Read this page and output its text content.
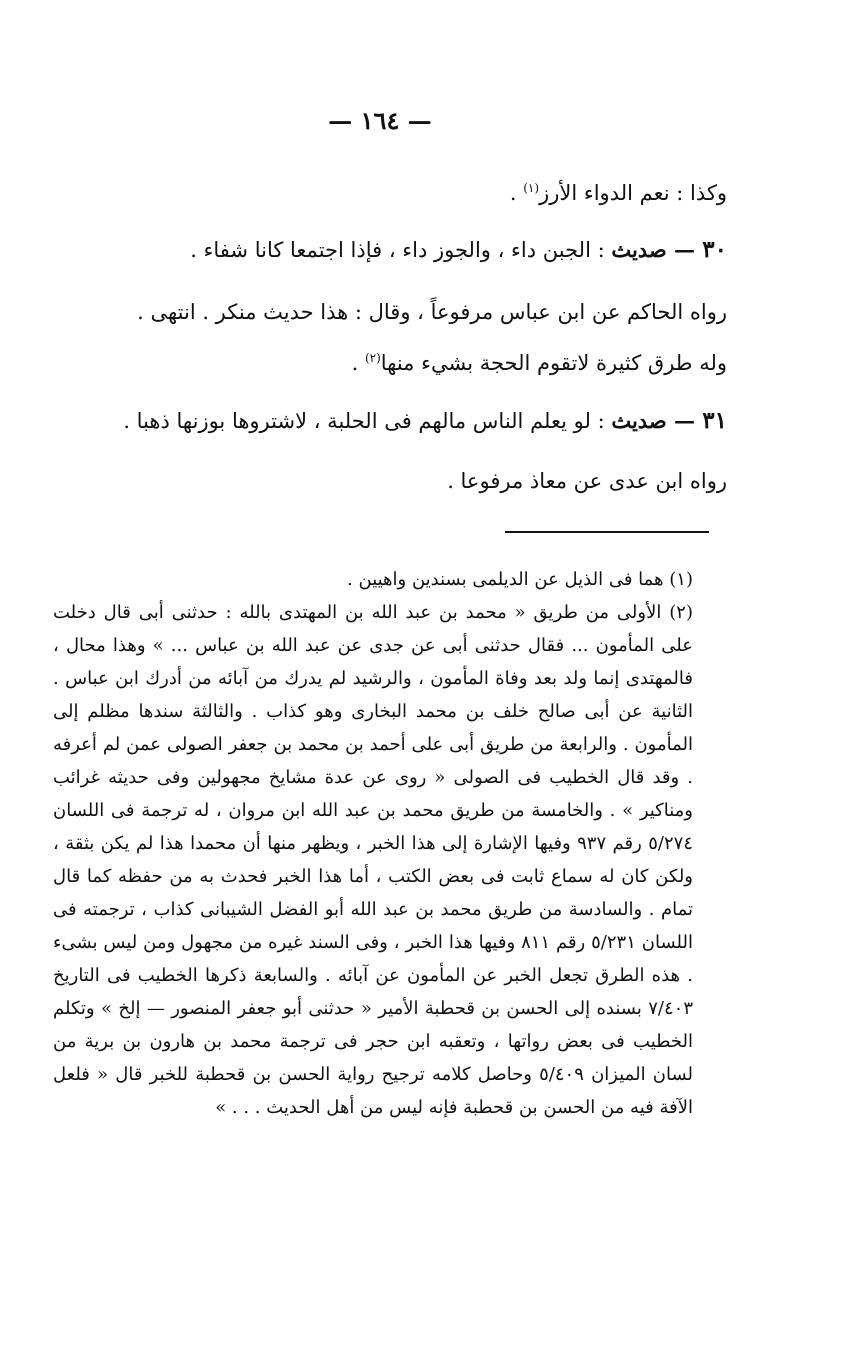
— ١٦٤ —

وكذا : نعم الدواء الأرز$^{(١)}$ .

٣٠ — صديث : الجبن داء ، والجوز داء ، فإذا اجتمعا كانا شفاء .

رواه الحاكم عن ابن عباس مرفوعاً ، وقال : هذا حديث منكر . انتهى .

وله طرق كثيرة لاتقوم الحجة بشيء منها$^{(٢)}$ .

٣١ — صديث : لو يعلم الناس مالهم فى الحلبة ، لاشتروها بوزنها ذهبا .

رواه ابن عدى عن معاذ مرفوعا .

(١) هما فى الذيل عن الديلمى بسندين واهيين .

(٢) الأولى من طريق « محمد بن عبد الله بن المهتدى بالله : حدثنى أبى قال دخلت على المأمون ... فقال حدثنى أبى عن جدى عن عبد الله بن عباس ... » وهذا محال ، فالمهتدى إنما ولد بعد وفاة المأمون ، والرشيد لم يدرك من آبائه من أدرك ابن عباس . الثانية عن أبى صالح خلف بن محمد البخارى وهو كذاب . والثالثة سندها مظلم إلى المأمون . والرابعة من طريق أبى على أحمد بن محمد بن جعفر الصولى عمن لم أعرفه . وقد قال الخطيب فى الصولى « روى عن عدة مشايخ مجهولين وفى حديثه غرائب ومناكير » . والخامسة من طريق محمد بن عبد الله ابن مروان ، له ترجمة فى اللسان ٥/٢٧٤ رقم ٩٣٧ وفيها الإشارة إلى هذا الخبر ، ويظهر منها أن محمدا هذا لم يكن بثقة ، ولكن كان له سماع ثابت فى بعض الكتب ، أما هذا الخبر فحدث به من حفظه كما قال تمام . والسادسة من طريق محمد بن عبد الله أبو الفضل الشيبانى كذاب ، ترجمته فى اللسان ٥/٢٣١ رقم ٨١١ وفيها هذا الخبر ، وفى السند غيره من مجهول ومن ليس بشىء . هذه الطرق تجعل الخبر عن المأمون عن آبائه . والسابعة ذكرها الخطيب فى التاريخ ٧/٤٠٣ بسنده إلى الحسن بن قحطبة الأمير « حدثنى أبو جعفر المنصور — إلخ » وتكلم الخطيب فى بعض رواتها ، وتعقبه ابن حجر فى ترجمة محمد بن هارون بن برية من لسان الميزان ٥/٤٠٩ وحاصل كلامه ترجيح رواية الحسن بن قحطبة للخبر قال « فلعل الآفة فيه من الحسن بن قحطبة فإنه ليس من أهل الحديث . . . »
